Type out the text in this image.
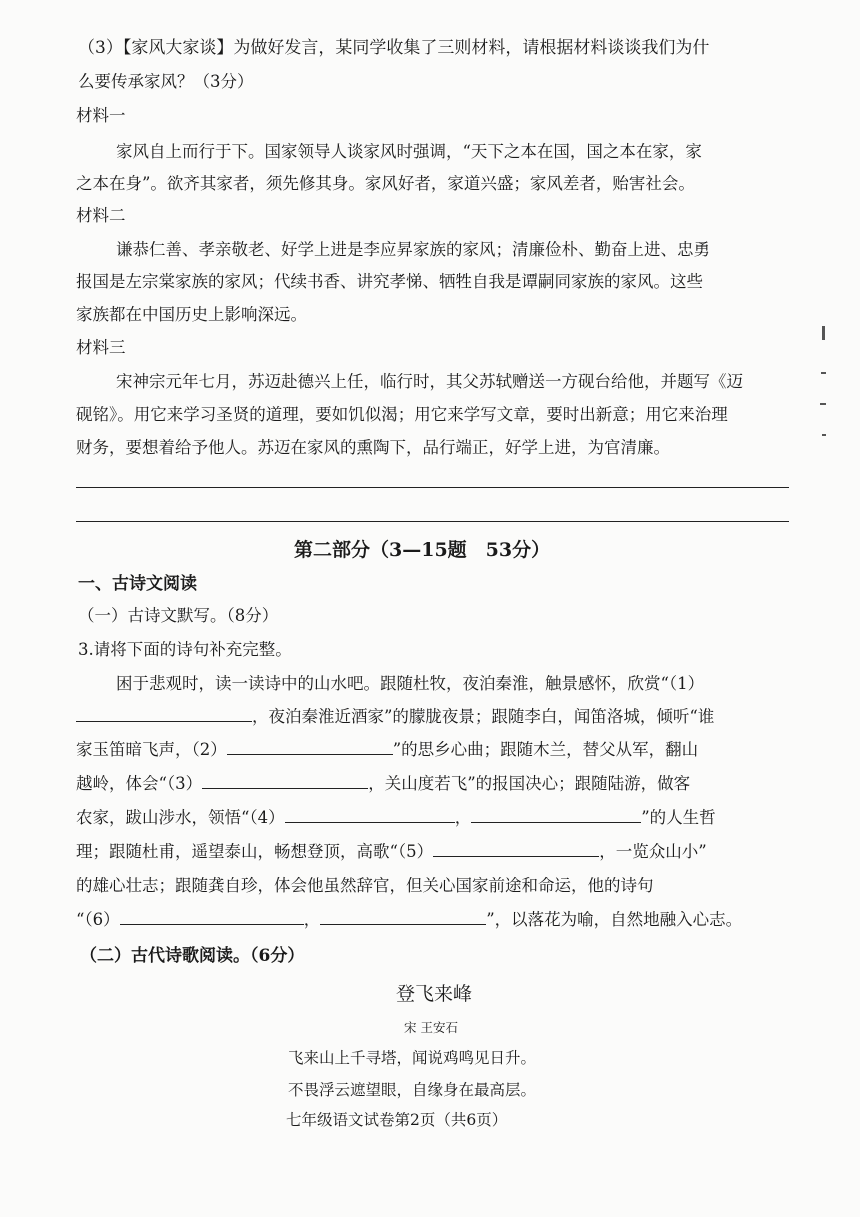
（3）【家风大家谈】为做好发言，某同学收集了三则材料，请根据材料谈谈我们为什
么要传承家风？（3分）
材料一
家风自上而行于下。国家领导人谈家风时强调，“天下之本在国，国之本在家，家
之本在身”。欲齐其家者，须先修其身。家风好者，家道兴盛；家风差者，贻害社会。
材料二
谦恭仁善、孝亲敬老、好学上进是李应昇家族的家风；清廉俭朴、勤奋上进、忠勇
报国是左宗棠家族的家风；代续书香、讲究孝悌、牺牲自我是谭嗣同家族的家风。这些
家族都在中国历史上影响深远。
材料三
宋神宗元年七月，苏迈赴德兴上任，临行时，其父苏轼赠送一方砚台给他，并题写《迈
砚铭》。用它来学习圣贤的道理，要如饥似渴；用它来学写文章，要时出新意；用它来治理
财务，要想着给予他人。苏迈在家风的熏陶下，品行端正，好学上进，为官清廉。
第二部分（3—15题　53分）
一、古诗文阅读
（一）古诗文默写。（8分）
3.请将下面的诗句补充完整。
困于悲观时，读一读诗中的山水吧。跟随杜牧，夜泊秦淮，触景感怀，欣赏“（1）
，夜泊秦淮近酒家”的朦胧夜景；跟随李白，闻笛洛城，倾听“谁
家玉笛暗飞声，（2）	”的思乡心曲；跟随木兰，替父从军，翻山
越岭，体会“（3）	，关山度若飞”的报国决心；跟随陆游，做客
农家，跋山涉水，领悟“（4）	，	”的人生哲
理；跟随杜甫，遥望泰山，畅想登顶，高歌“（5）	，一览众山小”
的雄心壮志；跟随龚自珍，体会他虽然辞官，但关心国家前途和命运，他的诗句
“（6）	，	”，以落花为喻，自然地融入心志。
（二）古代诗歌阅读。（6分）
登飞来峰
宋 王安石
飞来山上千寻塔，闻说鸡鸣见日升。
不畏浮云遮望眼，自缘身在最高层。
七年级语文试卷第2页（共6页）
